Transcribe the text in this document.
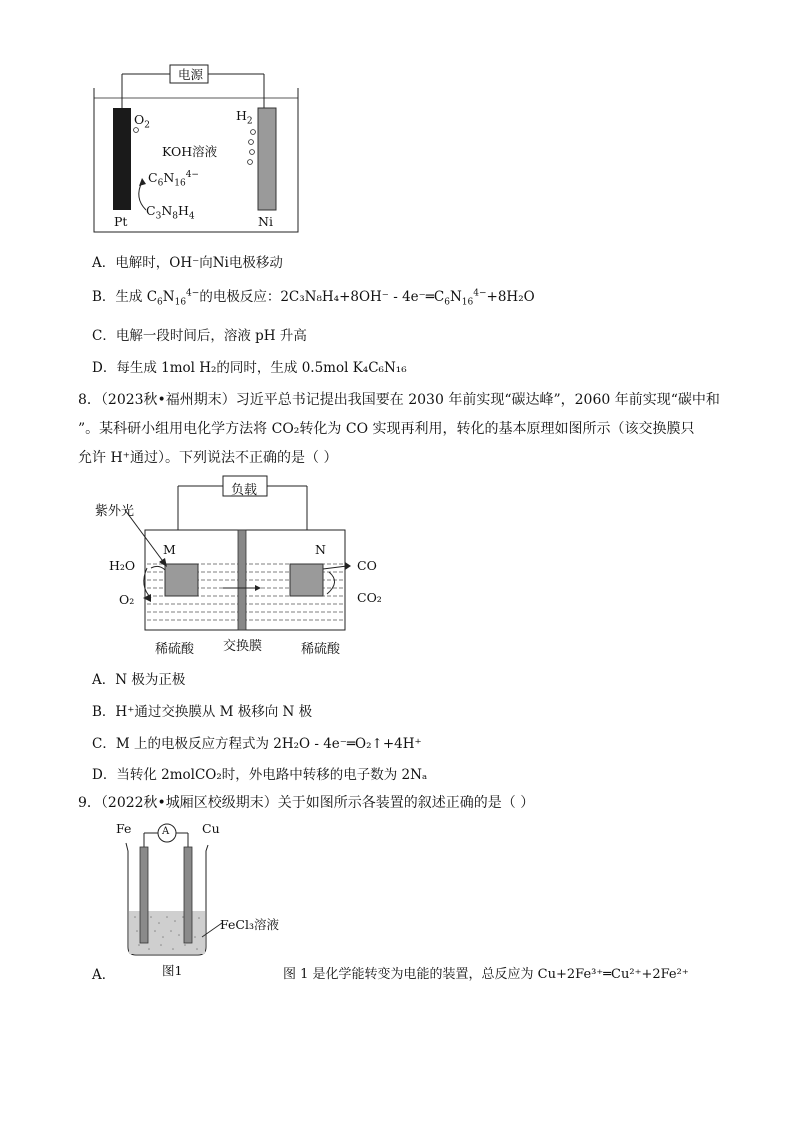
电源
$O_2$
$H_2$
KOH溶液
$C_6N_{16}^{4-}$
$C_3N_8H_4$
Pt	Ni
A．电解时，OH⁻向Ni电极移动
B．生成 $C_6N_{16}^{4-}$的电极反应：$2C_3N_8H_4+8OH^- - 4e^-═C_6N_{16}^{4-}+8H_2O$
C．电解一段时间后，溶液 pH 升高
D．每生成 1mol H₂的同时，生成 0.5mol K₄C₆N₁₆
8．（2023秋•福州期末）习近平总书记提出我国要在 2030 年前实现“碳达峰”，2060 年前实现“碳中和
”。某科研小组用电化学方法将 CO₂转化为 CO 实现再利用，转化的基本原理如图所示（该交换膜只
允许 H⁺通过）。下列说法不正确的是（ ）
负载
紫外光
M	N
H₂O
O₂
CO
CO₂
稀硫酸 交换膜	稀硫酸
A．N 极为正极
B．H⁺通过交换膜从 M 极移向 N 极
C．M 上的电极反应方程式为 2H₂O - 4e⁻═O₂↑+4H⁺
D．当转化 2molCO₂时，外电路中转移的电子数为 2Nₐ
9．（2022秋•城厢区校级期末）关于如图所示各装置的叙述正确的是（ ）
Fe	A	Cu
FeCl₃溶液
图1
A．	图 1 是化学能转变为电能的装置，总反应为 Cu+2Fe³⁺═Cu²⁺+2Fe²⁺
